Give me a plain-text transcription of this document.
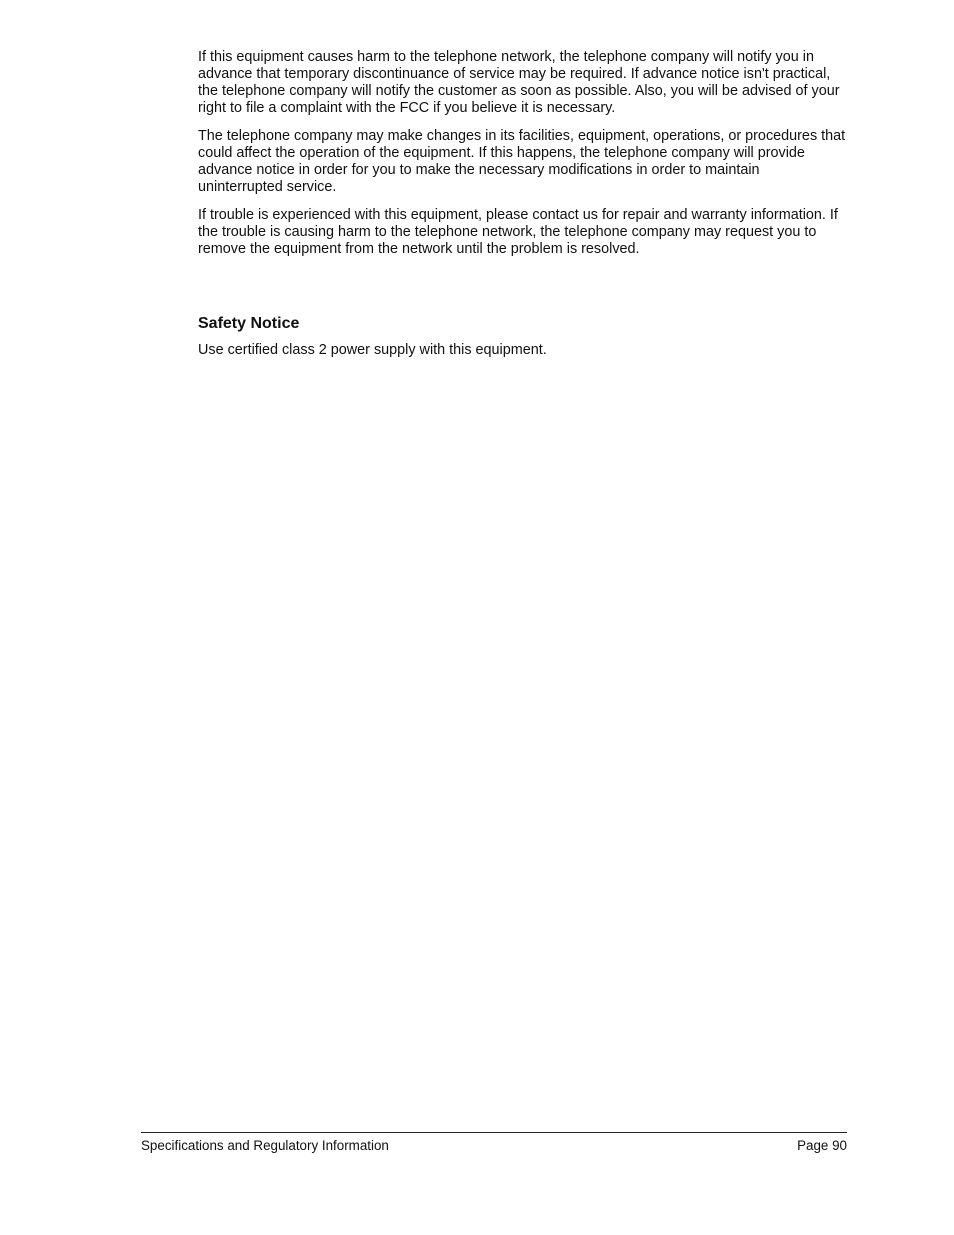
If this equipment causes harm to the telephone network, the telephone company will notify you in advance that temporary discontinuance of service may be required. If advance notice isn't practical, the telephone company will notify the customer as soon as possible. Also, you will be advised of your right to file a complaint with the FCC if you believe it is necessary.

The telephone company may make changes in its facilities, equipment, operations, or procedures that could affect the operation of the equipment. If this happens, the telephone company will provide advance notice in order for you to make the necessary modifications in order to maintain uninterrupted service.

If trouble is experienced with this equipment, please contact us for repair and warranty information. If the trouble is causing harm to the telephone network, the telephone company may request you to remove the equipment from the network until the problem is resolved.

Safety Notice

Use certified class 2 power supply with this equipment.

Specifications and Regulatory Information	Page 90
